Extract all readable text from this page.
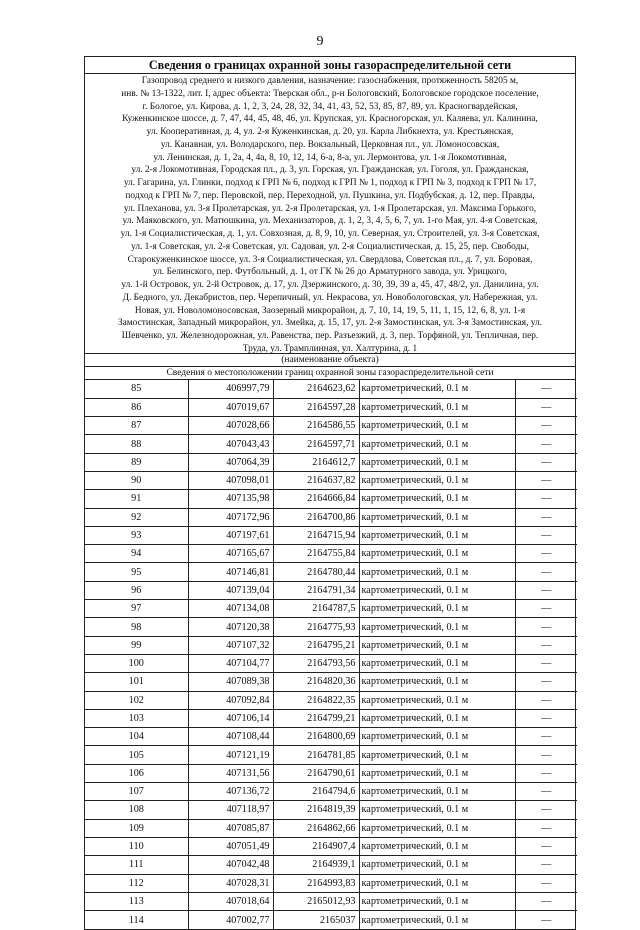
9
Сведения о границах охранной зоны газораспределительной сети
Газопровод среднего и низкого давления, назначение: газоснабжения, протяженность 58205 м,
инв. № 13-1322, лит. I, адрес объекта: Тверская обл., р-н Бологовский, Бологовское городское поселение,
г. Бологое, ул. Кирова, д. 1, 2, 3, 24, 28, 32, 34, 41, 43, 52, 53, 85, 87, 89, ул. Красногвардейская,
Куженкинское шоссе, д. 7, 47, 44, 45, 48, 46, ул. Крупская, ул. Красногорская, ул. Каляева, ул. Калинина,
ул. Кооперативная, д. 4, ул. 2-я Куженкинская, д. 20, ул. Карла Либкнехта, ул. Крестьянская,
ул. Канавная, ул. Володарского, пер. Вокзальный, Церковная пл., ул. Ломоносовская,
ул. Ленинская, д. 1, 2а, 4, 4а, 8, 10, 12, 14, 6-а, 8-а, ул. Лермонтова, ул. 1-я Локомотивная,
ул. 2-я Локомотивная, Городская пл., д. 3, ул. Горская, ул. Гражданская, ул. Гоголя, ул. Гражданская,
ул. Гагарина, ул. Глинки, подход к ГРП № 6, подход к ГРП № 1, подход к ГРП № 3, подход к ГРП № 17,
подход к ГРП № 7, пер. Перовской, пер. Переходной, ул. Пушкина, ул. Подбубская, д. 12, пер. Правды,
ул. Плеханова, ул. 3-я Пролетарская, ул. 2-я Пролетарская, ул. 1-я Пролетарская, ул. Максима Горького,
ул. Маяковского, ул. Матюшкина, ул. Механизаторов, д. 1, 2, 3, 4, 5, 6, 7, ул. 1-го Мая, ул. 4-я Советская,
ул. 1-я Социалистическая, д. 1, ул. Совхозная, д. 8, 9, 10, ул. Северная, ул. Строителей, ул. 3-я Советская,
ул. 1-я Советская, ул. 2-я Советская, ул. Садовая, ул. 2-я Социалистическая, д. 15, 25, пер. Свободы,
Старокуженкинское шоссе, ул. 3-я Социалистическая, ул. Свердлова, Советская пл., д. 7, ул. Боровая,
ул. Белинского, пер. Футбольный, д. 1, от ГК № 26 до Арматурного завода, ул. Урицкого,
ул. 1-й Островок, ул. 2-й Островок, д. 17, ул. Дзержинского, д. 30, 39, 39 а, 45, 47, 48/2, ул. Данилина, ул.
Д. Бедного, ул. Декабристов, пер. Черепичный, ул. Некрасова, ул. Новобологовская, ул. Набережная, ул.
Новая, ул. Новоломоносовская, Заозерный микрорайон, д. 7, 10, 14, 19, 5, 11, 1, 15, 12, 6, 8, ул. 1-я
Замостинская, Западный микрорайон, ул. Змейка, д. 15, 17, ул. 2-я Замостинская, ул. 3-я Замостинская, ул.
Шевченко, ул. Железнодорожная, ул. Равенства, пер. Разъезжий, д. 3, пер. Торфяной, ул. Тепличная, пер.
Труда, ул. Трамплинная, ул. Халтурина, д. 1
(наименование объекта)
Сведения о местоположении границ охранной зоны газораспределительной сети
85	406997,79	2164623,62	картометрический, 0.1 м	—
86	407019,67	2164597,28	картометрический, 0.1 м	—
87	407028,66	2164586,55	картометрический, 0.1 м	—
88	407043,43	2164597,71	картометрический, 0.1 м	—
89	407064,39	2164612,7	картометрический, 0.1 м	—
90	407098,01	2164637,82	картометрический, 0.1 м	—
91	407135,98	2164666,84	картометрический, 0.1 м	—
92	407172,96	2164700,86	картометрический, 0.1 м	—
93	407197,61	2164715,94	картометрический, 0.1 м	—
94	407165,67	2164755,84	картометрический, 0.1 м	—
95	407146,81	2164780,44	картометрический, 0.1 м	—
96	407139,04	2164791,34	картометрический, 0.1 м	—
97	407134,08	2164787,5	картометрический, 0.1 м	—
98	407120,38	2164775,93	картометрический, 0.1 м	—
99	407107,32	2164795,21	картометрический, 0.1 м	—
100	407104,77	2164793,56	картометрический, 0.1 м	—
101	407089,38	2164820,36	картометрический, 0.1 м	—
102	407092,84	2164822,35	картометрический, 0.1 м	—
103	407106,14	2164799,21	картометрический, 0.1 м	—
104	407108,44	2164800,69	картометрический, 0.1 м	—
105	407121,19	2164781,85	картометрический, 0.1 м	—
106	407131,56	2164790,61	картометрический, 0.1 м	—
107	407136,72	2164794,6	картометрический, 0.1 м	—
108	407118,97	2164819,39	картометрический, 0.1 м	—
109	407085,87	2164862,66	картометрический, 0.1 м	—
110	407051,49	2164907,4	картометрический, 0.1 м	—
111	407042,48	2164939,1	картометрический, 0.1 м	—
112	407028,31	2164993,83	картометрический, 0.1 м	—
113	407018,64	2165012,93	картометрический, 0.1 м	—
114	407002,77	2165037	картометрический, 0.1 м	—
